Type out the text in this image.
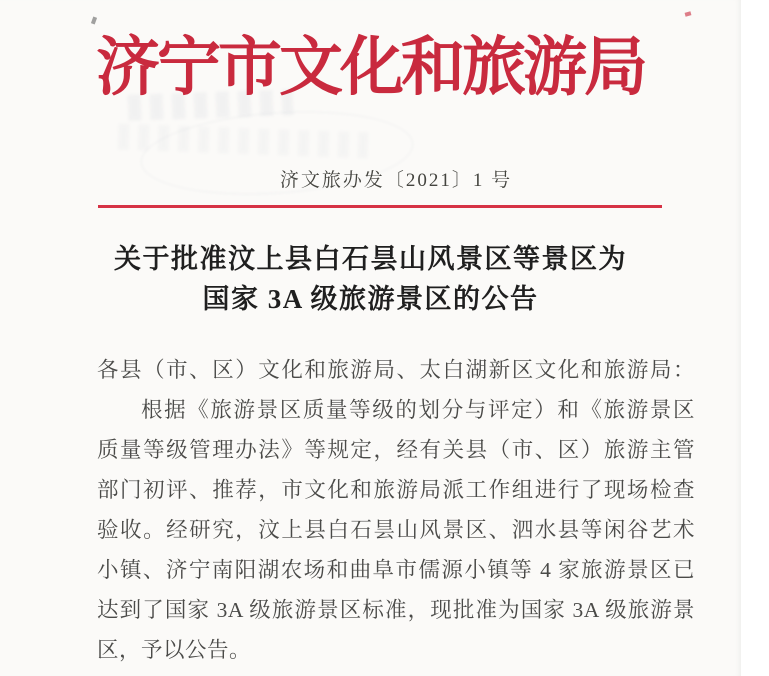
济宁市文化和旅游局
济文旅办发〔2021〕1 号
关于批准汶上县白石昙山风景区等景区为
国家 3A 级旅游景区的公告
各县（市、区）文化和旅游局、太白湖新区文化和旅游局：
根据《旅游景区质量等级的划分与评定）和《旅游景区
质量等级管理办法》等规定，经有关县（市、区）旅游主管
部门初评、推荐，市文化和旅游局派工作组进行了现场检查
验收。经研究，汶上县白石昙山风景区、泗水县等闲谷艺术
小镇、济宁南阳湖农场和曲阜市儒源小镇等 4 家旅游景区已
达到了国家 3A 级旅游景区标准，现批准为国家 3A 级旅游景
区，予以公告。
